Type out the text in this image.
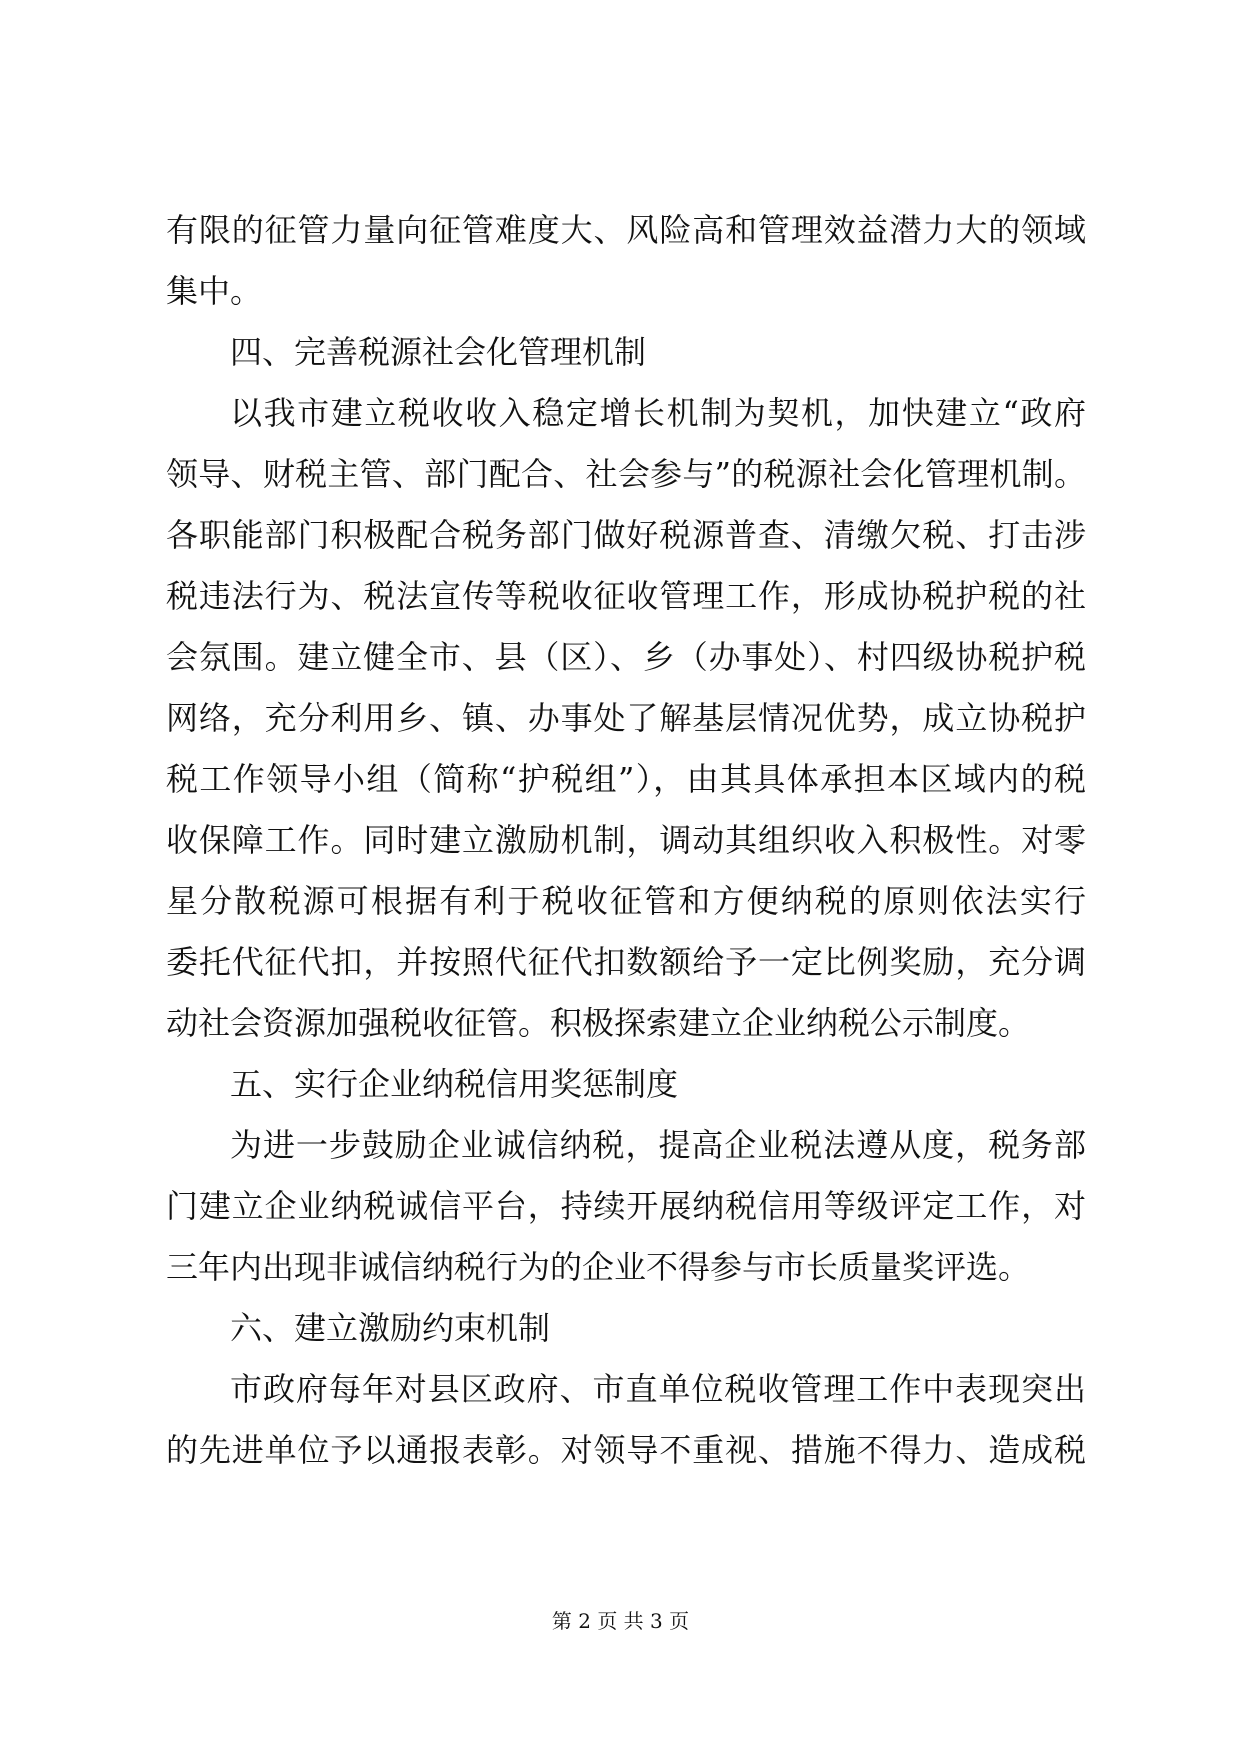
有限的征管力量向征管难度大、风险高和管理效益潜力大的领域
集中。
四、完善税源社会化管理机制
以我市建立税收收入稳定增长机制为契机，加快建立“政府
领导、财税主管、部门配合、社会参与”的税源社会化管理机制。
各职能部门积极配合税务部门做好税源普查、清缴欠税、打击涉
税违法行为、税法宣传等税收征收管理工作，形成协税护税的社
会氛围。建立健全市、县（区）、乡（办事处）、村四级协税护税
网络，充分利用乡、镇、办事处了解基层情况优势，成立协税护
税工作领导小组（简称“护税组”），由其具体承担本区域内的税
收保障工作。同时建立激励机制，调动其组织收入积极性。对零
星分散税源可根据有利于税收征管和方便纳税的原则依法实行
委托代征代扣，并按照代征代扣数额给予一定比例奖励，充分调
动社会资源加强税收征管。积极探索建立企业纳税公示制度。
五、实行企业纳税信用奖惩制度
为进一步鼓励企业诚信纳税，提高企业税法遵从度，税务部
门建立企业纳税诚信平台，持续开展纳税信用等级评定工作，对
三年内出现非诚信纳税行为的企业不得参与市长质量奖评选。
六、建立激励约束机制
市政府每年对县区政府、市直单位税收管理工作中表现突出
的先进单位予以通报表彰。对领导不重视、措施不得力、造成税
第 2 页 共 3 页
